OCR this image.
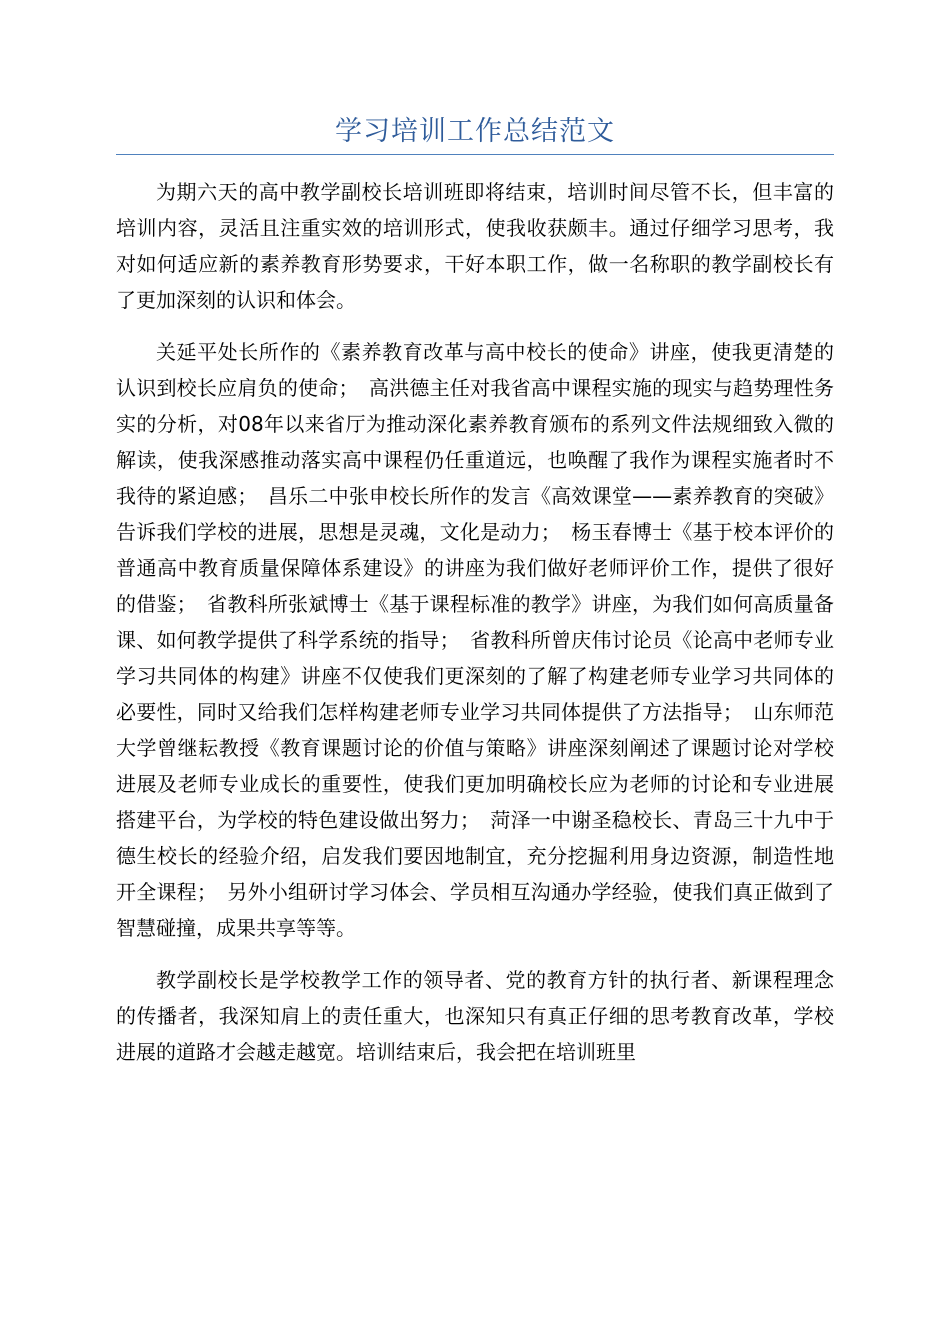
学习培训工作总结范文

为期六天的高中教学副校长培训班即将结束，培训时间尽管不长，但丰富的培训内容，灵活且注重实效的培训形式，使我收获颇丰。通过仔细学习思考，我对如何适应新的素养教育形势要求，干好本职工作，做一名称职的教学副校长有了更加深刻的认识和体会。

关延平处长所作的《素养教育改革与高中校长的使命》讲座，使我更清楚的认识到校长应肩负的使命；　高洪德主任对我省高中课程实施的现实与趋势理性务实的分析，对08年以来省厅为推动深化素养教育颁布的系列文件法规细致入微的解读，使我深感推动落实高中课程仍任重道远，也唤醒了我作为课程实施者时不我待的紧迫感；　昌乐二中张申校长所作的发言《高效课堂——素养教育的突破》告诉我们学校的进展，思想是灵魂，文化是动力；　杨玉春博士《基于校本评价的普通高中教育质量保障体系建设》的讲座为我们做好老师评价工作，提供了很好的借鉴；　省教科所张斌博士《基于课程标准的教学》讲座，为我们如何高质量备课、如何教学提供了科学系统的指导；　省教科所曾庆伟讨论员《论高中老师专业学习共同体的构建》讲座不仅使我们更深刻的了解了构建老师专业学习共同体的必要性，同时又给我们怎样构建老师专业学习共同体提供了方法指导；　山东师范大学曾继耘教授《教育课题讨论的价值与策略》讲座深刻阐述了课题讨论对学校进展及老师专业成长的重要性，使我们更加明确校长应为老师的讨论和专业进展搭建平台，为学校的特色建设做出努力；　菏泽一中谢圣稳校长、青岛三十九中于德生校长的经验介绍，启发我们要因地制宜，充分挖掘利用身边资源，制造性地开全课程；　另外小组研讨学习体会、学员相互沟通办学经验，使我们真正做到了智慧碰撞，成果共享等等。

教学副校长是学校教学工作的领导者、党的教育方针的执行者、新课程理念的传播者，我深知肩上的责任重大，也深知只有真正仔细的思考教育改革，学校进展的道路才会越走越宽。培训结束后，我会把在培训班里
